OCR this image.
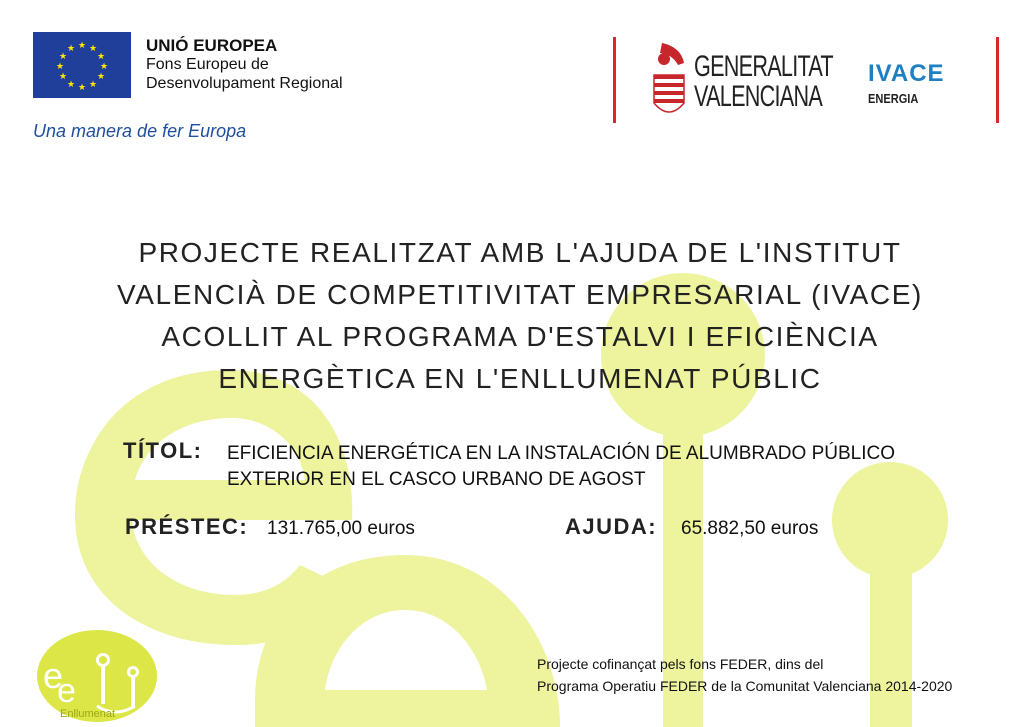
★ ★
★
★
★
★
★
★
★
★
★
★	UNIÓ EUROPEA
Fons Europeu de
Desenvolupament Regional
Una manera de fer Europa
GENERALITAT
VALENCIANA
IVACE
ENERGIA
PROJECTE REALITZAT AMB L'AJUDA DE L'INSTITUT
VALENCIÀ DE COMPETITIVITAT EMPRESARIAL (IVACE)
ACOLLIT AL PROGRAMA D'ESTALVI I EFICIÈNCIA
ENERGÈTICA EN L'ENLLUMENAT PÚBLIC
TÍTOL: EFICIENCIA ENERGÉTICA EN LA INSTALACIÓN DE ALUMBRADO PÚBLICO
EXTERIOR EN EL CASCO URBANO DE AGOST
PRÉSTEC: 131.765,00 euros	AJUDA: 65.882,50 euros
Projecte cofinançat pels fons FEDER, dins del
Programa Operatiu FEDER de la Comunitat Valenciana 2014-2020
e
e
Enllumenat
